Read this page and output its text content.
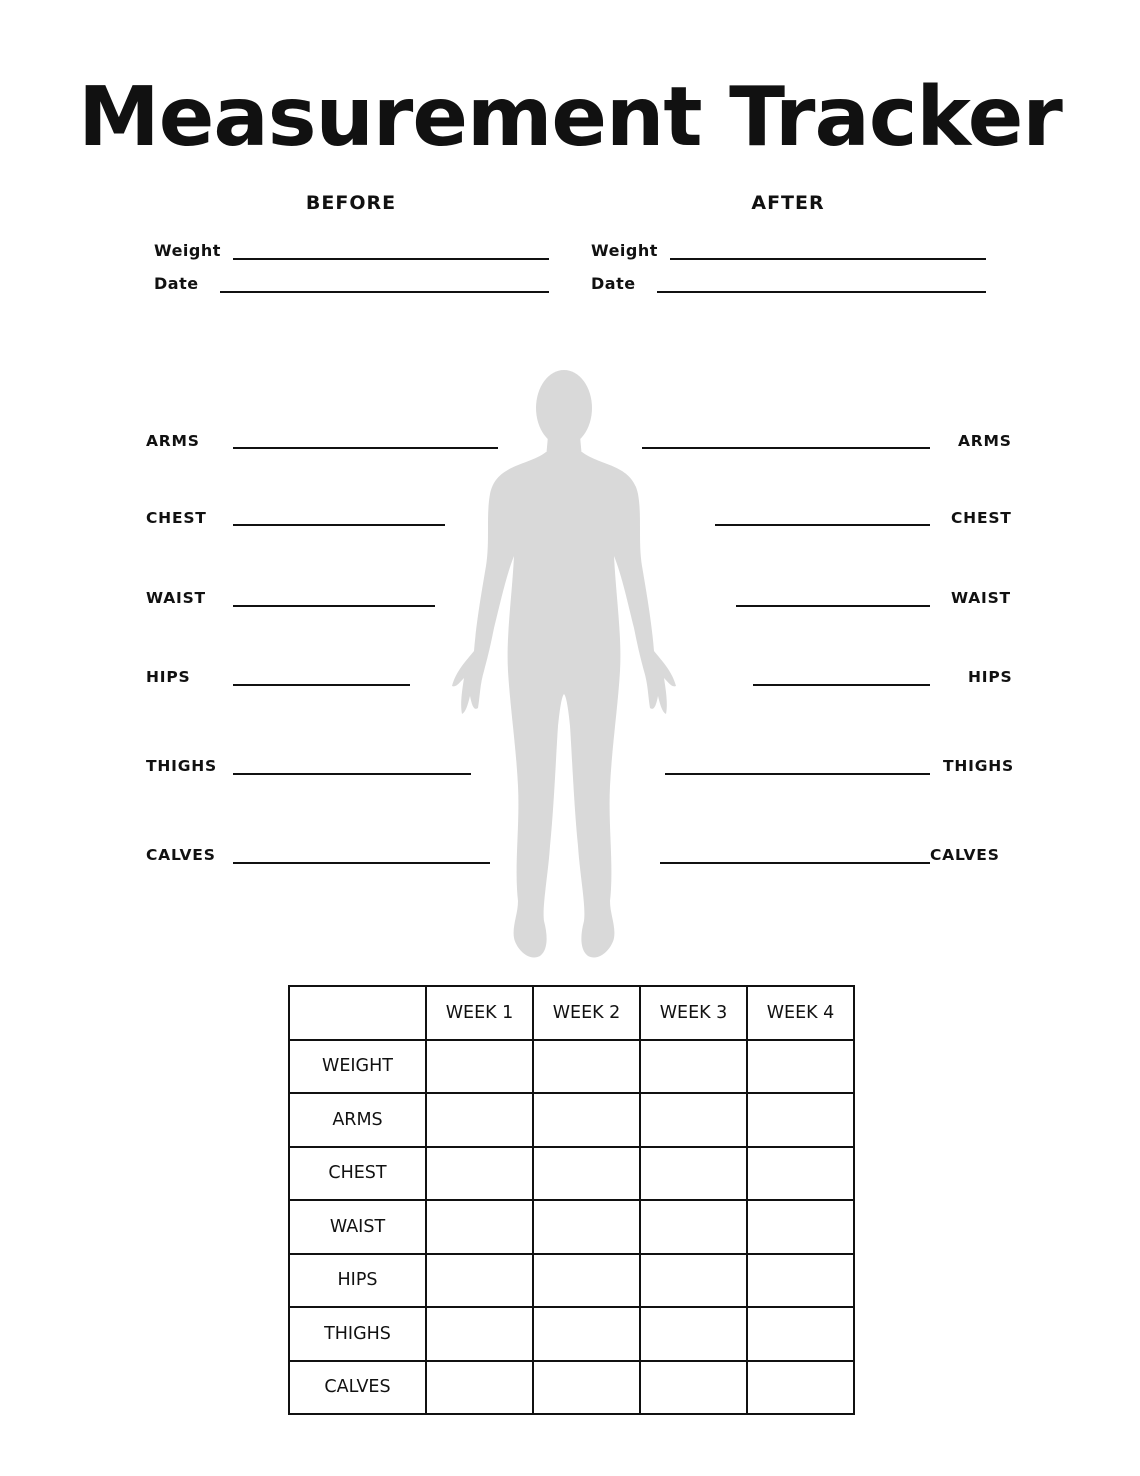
Measurement Tracker
BEFORE	AFTER
Weight
Date
Weight
Date
ARMS
CHEST
WAIST
HIPS
THIGHS
CALVES
ARMS
CHEST
WAIST
HIPS
THIGHS
CALVES
	WEEK 1	WEEK 2	WEEK 3	WEEK 4
WEIGHT				
ARMS				
CHEST				
WAIST				
HIPS				
THIGHS				
CALVES				
